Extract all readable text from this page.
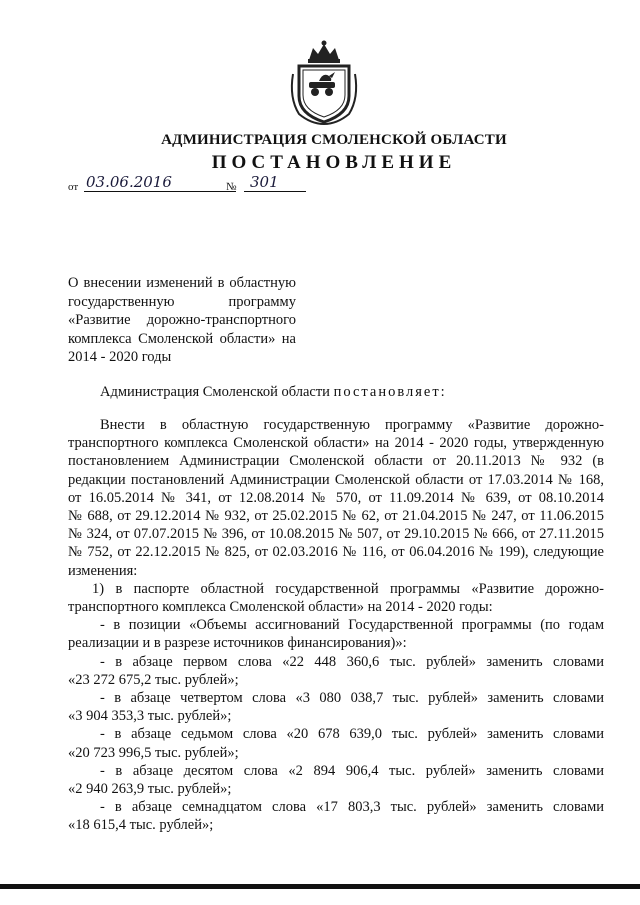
АДМИНИСТРАЦИЯ СМОЛЕНСКОЙ ОБЛАСТИ
ПОСТАНОВЛЕНИЕ
от 03.06.2016	№ 301
О внесении изменений в областную
государственную программу
«Развитие дорожно-транспортного
комплекса Смоленской области» на
2014 - 2020 годы
Администрация Смоленской области постановляет:
Внести в областную государственную программу «Развитие дорожно-
транспортного комплекса Смоленской области» на 2014 - 2020 годы, утвержденную
постановлением Администрации Смоленской области от 20.11.2013 № 932 (в
редакции постановлений Администрации Смоленской области от 17.03.2014 № 168,
от 16.05.2014 № 341, от 12.08.2014 № 570, от 11.09.2014 № 639, от 08.10.2014
№ 688, от 29.12.2014 № 932, от 25.02.2015 № 62, от 21.04.2015 № 247, от 11.06.2015
№ 324, от 07.07.2015 № 396, от 10.08.2015 № 507, от 29.10.2015 № 666, от 27.11.2015
№ 752, от 22.12.2015 № 825, от 02.03.2016 № 116, от 06.04.2016 № 199), следующие
изменения:
1) в паспорте областной государственной программы «Развитие дорожно-
транспортного комплекса Смоленской области» на 2014 - 2020 годы:
- в позиции «Объемы ассигнований Государственной программы (по годам
реализации и в разрезе источников финансирования)»:
- в абзаце первом слова «22 448 360,6 тыс. рублей» заменить словами
«23 272 675,2 тыс. рублей»;
- в абзаце четвертом слова «3 080 038,7 тыс. рублей» заменить словами
«3 904 353,3 тыс. рублей»;
- в абзаце седьмом слова «20 678 639,0 тыс. рублей» заменить словами
«20 723 996,5 тыс. рублей»;
- в абзаце десятом слова «2 894 906,4 тыс. рублей» заменить словами
«2 940 263,9 тыс. рублей»;
- в абзаце семнадцатом слова «17 803,3 тыс. рублей» заменить словами
«18 615,4 тыс. рублей»;
